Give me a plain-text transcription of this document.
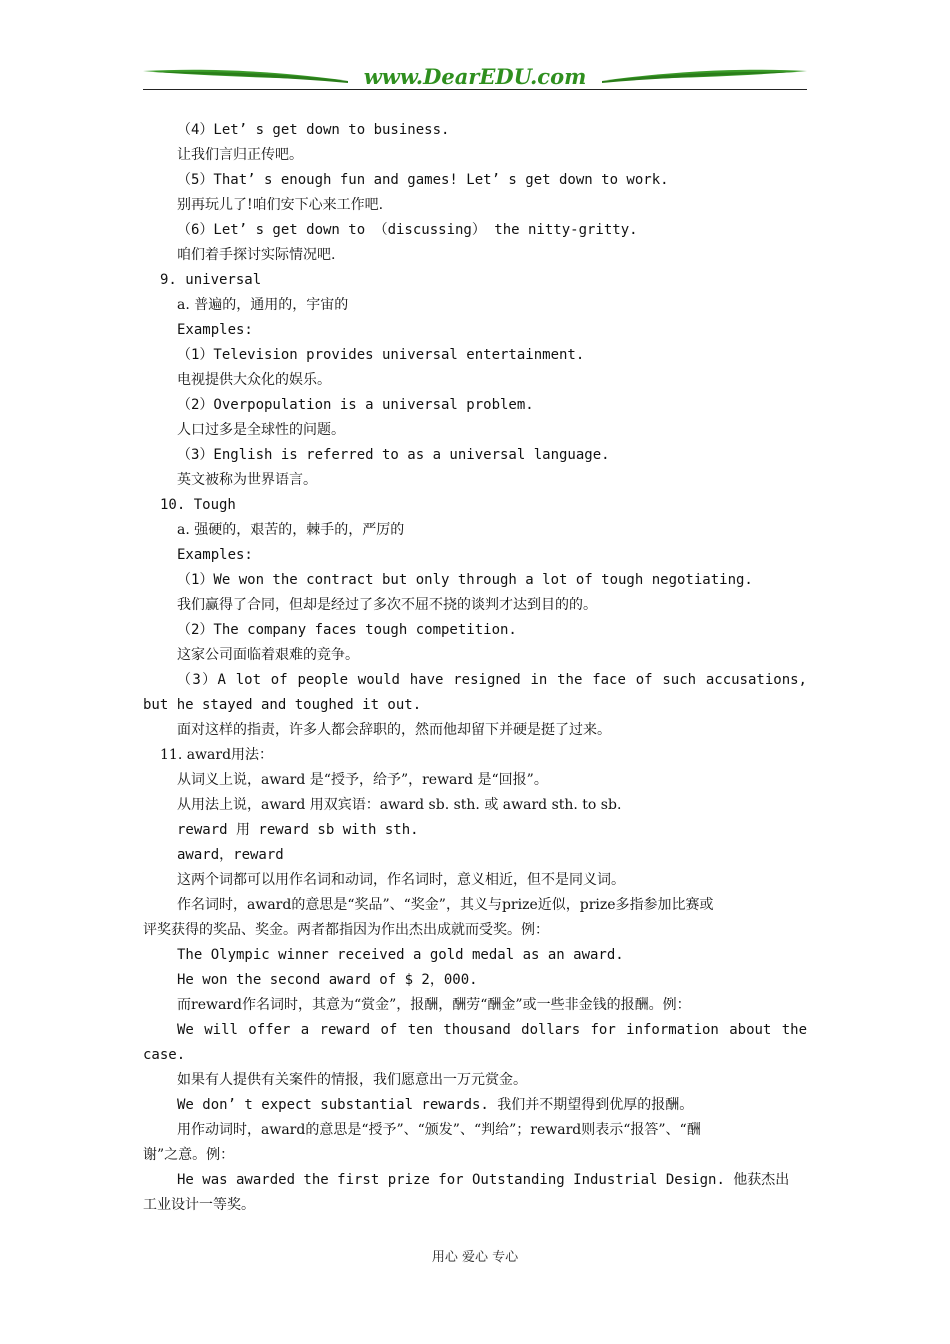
www.DearEDU.com
（4）Let’ s get down to business.
让我们言归正传吧。
（5）That’ s enough fun and games! Let’ s get down to work.
别再玩儿了!咱们安下心来工作吧.
（6）Let’ s get down to （discussing） the nitty-gritty.
咱们着手探讨实际情况吧.
9. universal
a. 普遍的，通用的，宇宙的
Examples:
（1）Television provides universal entertainment.
电视提供大众化的娱乐。
（2）Overpopulation is a universal problem.
人口过多是全球性的问题。
（3）English is referred to as a universal language.
英文被称为世界语言。
10. Tough
a. 强硬的，艰苦的，棘手的，严厉的
Examples:
（1）We won the contract but only through a lot of tough negotiating.
我们赢得了合同，但却是经过了多次不屈不挠的谈判才达到目的的。
（2）The company faces tough competition.
这家公司面临着艰难的竞争。
（3）A lot of people would have resigned in the face of such accusations,
but he stayed and toughed it out.
面对这样的指责，许多人都会辞职的，然而他却留下并硬是挺了过来。
11. award用法：
从词义上说，award 是“授予，给予”，reward 是“回报”。
从用法上说，award 用双宾语：award sb. sth. 或 award sth. to sb.
reward 用 reward sb with sth.
award，reward
这两个词都可以用作名词和动词，作名词时，意义相近，但不是同义词。
作名词时，award的意思是“奖品”、“奖金”，其义与prize近似，prize多指参加比赛或
评奖获得的奖品、奖金。两者都指因为作出杰出成就而受奖。例：
The Olympic winner received a gold medal as an award.
He won the second award of $ 2，000.
而reward作名词时，其意为“赏金”，报酬，酬劳“酬金”或一些非金钱的报酬。例：
We will offer a reward of ten thousand dollars for information about the
case.
如果有人提供有关案件的情报，我们愿意出一万元赏金。
We don’ t expect substantial rewards. 我们并不期望得到优厚的报酬。
用作动词时，award的意思是“授予”、“颁发”、“判给”；reward则表示“报答”、“酬
谢”之意。例：
He was awarded the first prize for Outstanding Industrial Design. 他获杰出
工业设计一等奖。
用心 爱心 专心
